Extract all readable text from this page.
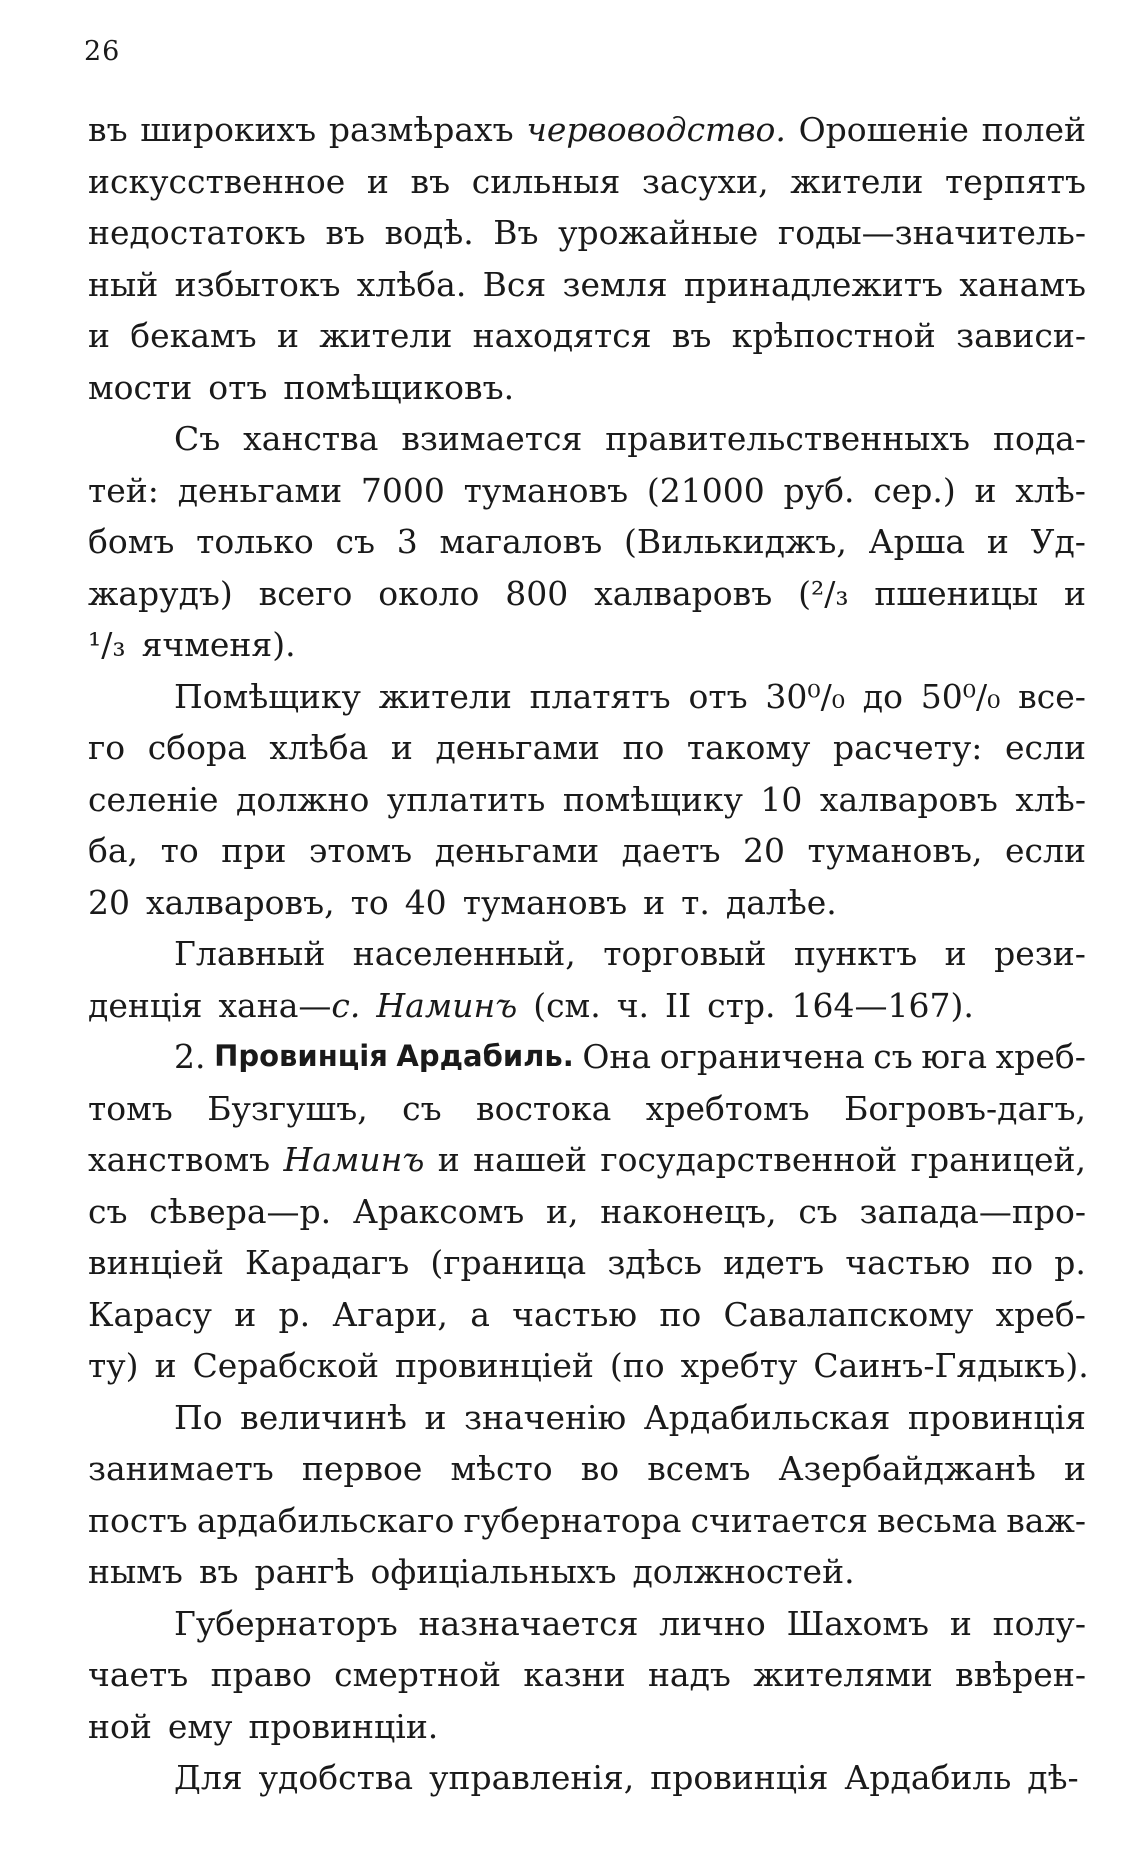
26
въ широкихъ размѣрахъ червоводство. Орошеніе полей
искусственное и въ сильныя засухи, жители терпятъ
недостатокъ въ водѣ. Въ урожайные годы—значитель-
ный избытокъ хлѣба. Вся земля принадлежитъ ханамъ
и бекамъ и жители находятся въ крѣпостной зависи-
мости отъ помѣщиковъ.
Съ ханства взимается правительственныхъ пода-
тей: деньгами 7000 тумановъ (21000 руб. сер.) и хлѣ-
бомъ только съ 3 магаловъ (Вилькиджъ, Арша и Уд-
жарудъ) всего около 800 халваровъ (²/₃ пшеницы и
¹/₃ ячменя).
Помѣщику жители платятъ отъ 30⁰/₀ до 50⁰/₀ все-
го сбора хлѣба и деньгами по такому расчету: если
селеніе должно уплатить помѣщику 10 халваровъ хлѣ-
ба, то при этомъ деньгами даетъ 20 тумановъ, если
20 халваровъ, то 40 тумановъ и т. далѣе.
Главный населенный, торговый пунктъ и рези-
денція хана—с. Наминъ (см. ч. II стр. 164—167).
2. Провинція Ардабиль. Она ограничена съ юга хреб-
томъ Бузгушъ, съ востока хребтомъ Богровъ-дагъ,
ханствомъ Наминъ и нашей государственной границей,
съ сѣвера—р. Араксомъ и, наконецъ, съ запада—про-
винціей Карадагъ (граница здѣсь идетъ частью по р.
Карасу и р. Агари, а частью по Савалапскому хреб-
ту) и Серабской провинціей (по хребту Саинъ-Гядыкъ).
По величинѣ и значенію Ардабильская провинція
занимаетъ первое мѣсто во всемъ Азербайджанѣ и
постъ ардабильскаго губернатора считается весьма важ-
нымъ въ рангѣ офиціальныхъ должностей.
Губернаторъ назначается лично Шахомъ и полу-
чаетъ право смертной казни надъ жителями ввѣрен-
ной ему провинціи.
Для удобства управленія, провинція Ардабиль дѣ-
